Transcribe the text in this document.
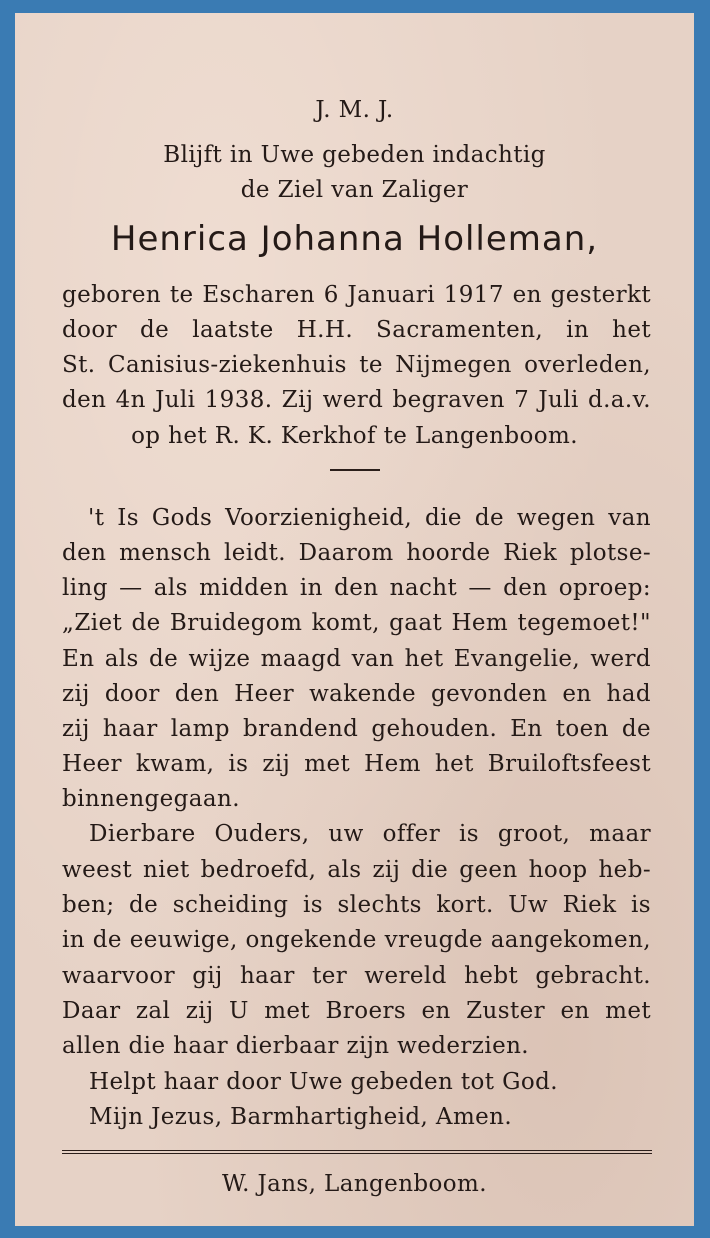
J. M. J.
Blijft in Uwe gebeden indachtig
de Ziel van Zaliger
Henrica Johanna Holleman,
geboren te Escharen 6 Januari 1917 en gesterkt
door de laatste H.H. Sacramenten, in het
St. Canisius-ziekenhuis te Nijmegen overleden,
den 4n Juli 1938. Zij werd begraven 7 Juli d.a.v.
op het R. K. Kerkhof te Langenboom.
't Is Gods Voorzienigheid, die de wegen van
den mensch leidt. Daarom hoorde Riek plotse-
ling — als midden in den nacht — den oproep:
„Ziet de Bruidegom komt, gaat Hem tegemoet!"
En als de wijze maagd van het Evangelie, werd
zij door den Heer wakende gevonden en had
zij haar lamp brandend gehouden. En toen de
Heer kwam, is zij met Hem het Bruiloftsfeest
binnengegaan.
Dierbare Ouders, uw offer is groot, maar
weest niet bedroefd, als zij die geen hoop heb-
ben; de scheiding is slechts kort. Uw Riek is
in de eeuwige, ongekende vreugde aangekomen,
waarvoor gij haar ter wereld hebt gebracht.
Daar zal zij U met Broers en Zuster en met
allen die haar dierbaar zijn wederzien.
Helpt haar door Uwe gebeden tot God.
Mijn Jezus, Barmhartigheid, Amen.
W. Jans, Langenboom.
